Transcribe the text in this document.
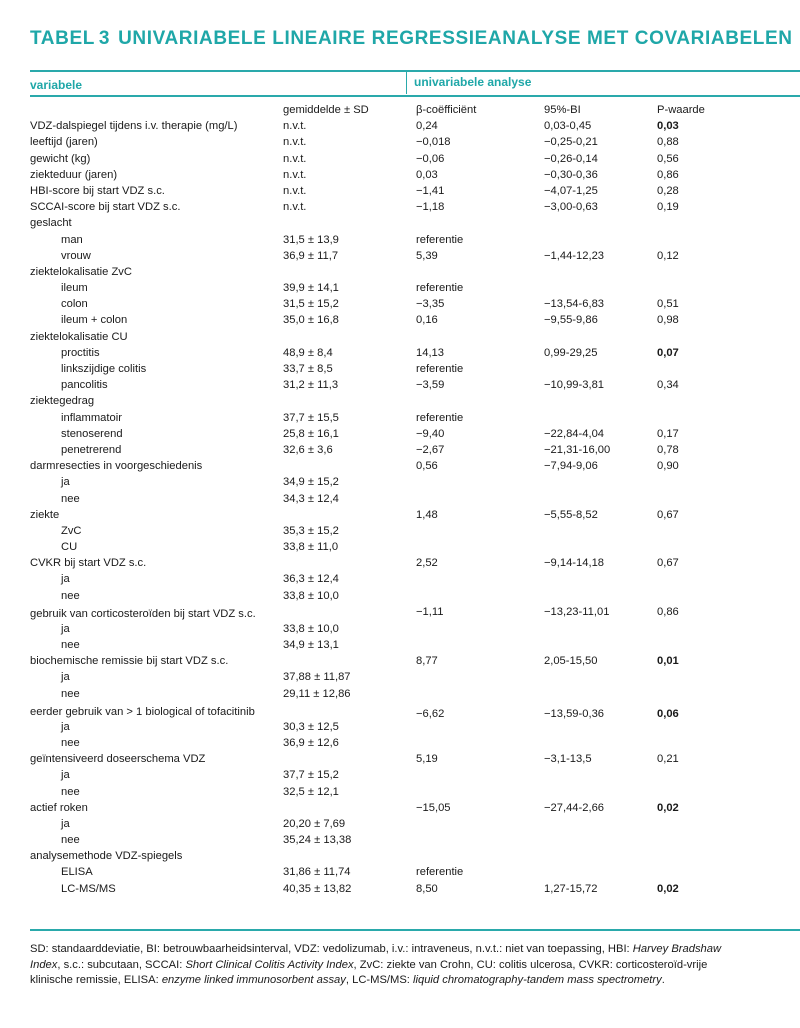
TABEL 3 UNIVARIABELE LINEAIRE REGRESSIEANALYSE MET COVARIABELEN
variabele	univariabele analyse
	gemiddelde ± SD	β-coëfficiënt	95%-BI	P-waarde
VDZ-dalspiegel tijdens i.v. therapie (mg/L)	n.v.t.	0,24	0,03-0,45	0,03
leeftijd (jaren)	n.v.t.	−0,018	−0,25-0,21	0,88
gewicht (kg)	n.v.t.	−0,06	−0,26-0,14	0,56
ziekteduur (jaren)	n.v.t.	0,03	−0,30-0,36	0,86
HBI-score bij start VDZ s.c.	n.v.t.	−1,41	−4,07-1,25	0,28
SCCAI-score bij start VDZ s.c.	n.v.t.	−1,18	−3,00-0,63	0,19
geslacht				
man	31,5 ± 13,9	referentie		
vrouw	36,9 ± 11,7	5,39	−1,44-12,23	0,12
ziektelokalisatie ZvC				
ileum	39,9 ± 14,1	referentie		
colon	31,5 ± 15,2	−3,35	−13,54-6,83	0,51
ileum + colon	35,0 ± 16,8	0,16	−9,55-9,86	0,98
ziektelokalisatie CU				
proctitis	48,9 ± 8,4	14,13	0,99-29,25	0,07
linkszijdige colitis	33,7 ± 8,5	referentie		
pancolitis	31,2 ± 11,3	−3,59	−10,99-3,81	0,34
ziektegedrag				
inflammatoir	37,7 ± 15,5	referentie		
stenoserend	25,8 ± 16,1	−9,40	−22,84-4,04	0,17
penetrerend	32,6 ± 3,6	−2,67	−21,31-16,00	0,78
darmresecties in voorgeschiedenis		0,56	−7,94-9,06	0,90
ja	34,9 ± 15,2			
nee	34,3 ± 12,4			
ziekte		1,48	−5,55-8,52	0,67
ZvC	35,3 ± 15,2			
CU	33,8 ± 11,0			
CVKR bij start VDZ s.c.		2,52	−9,14-14,18	0,67
ja	36,3 ± 12,4			
nee	33,8 ± 10,0			
gebruik van corticosteroïden bij start VDZ s.c.		−1,11	−13,23-11,01	0,86
ja	33,8 ± 10,0			
nee	34,9 ± 13,1			
biochemische remissie bij start VDZ s.c.		8,77	2,05-15,50	0,01
ja	37,88 ± 11,87			
nee	29,11 ± 12,86			
eerder gebruik van > 1 biological of tofacitinib		−6,62	−13,59-0,36	0,06
ja	30,3 ± 12,5			
nee	36,9 ± 12,6			
geïntensiveerd doseerschema VDZ		5,19	−3,1-13,5	0,21
ja	37,7 ± 15,2			
nee	32,5 ± 12,1			
actief roken		−15,05	−27,44-2,66	0,02
ja	20,20 ± 7,69			
nee	35,24 ± 13,38			
analysemethode VDZ-spiegels				
ELISA	31,86 ± 11,74	referentie		
LC-MS/MS	40,35 ± 13,82	8,50	1,27-15,72	0,02
SD: standaarddeviatie, BI: betrouwbaarheidsinterval, VDZ: vedolizumab, i.v.: intraveneus, n.v.t.: niet van toepassing, HBI: Harvey Bradshaw Index, s.c.: subcutaan, SCCAI: Short Clinical Colitis Activity Index, ZvC: ziekte van Crohn, CU: colitis ulcerosa, CVKR: corticosteroïd-vrije klinische remissie, ELISA: enzyme linked immunosorbent assay, LC-MS/MS: liquid chromatography-tandem mass spectrometry.
